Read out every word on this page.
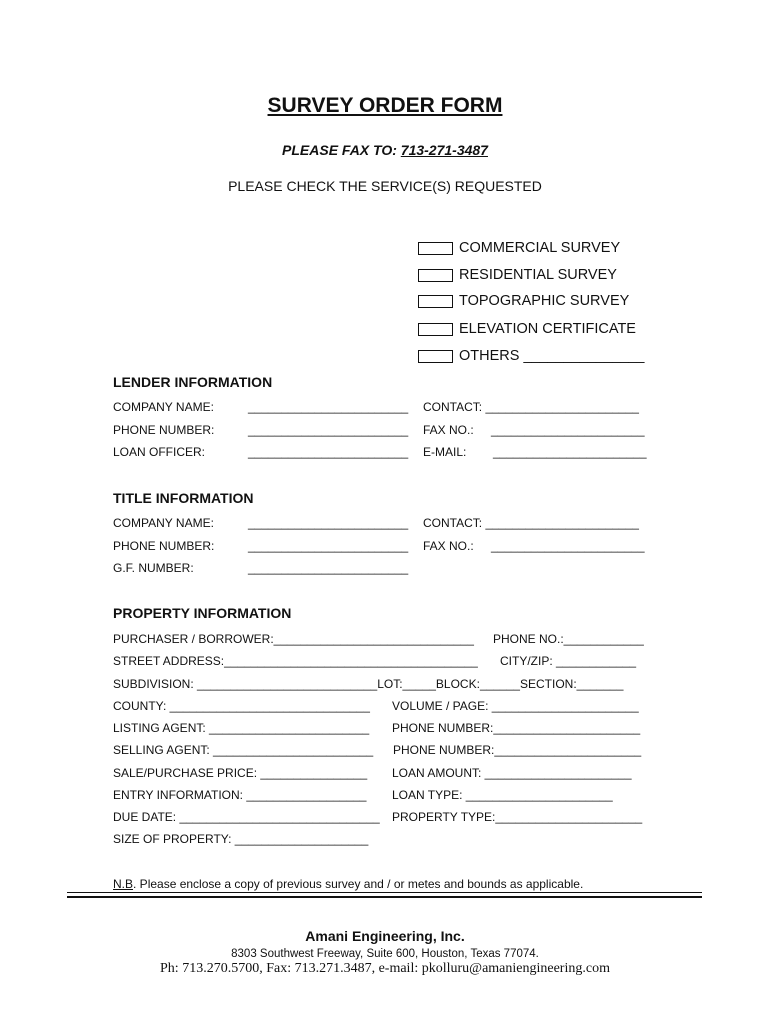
SURVEY ORDER FORM
PLEASE FAX TO: 713-271-3487
PLEASE CHECK THE SERVICE(S) REQUESTED
COMMERCIAL SURVEY
RESIDENTIAL SURVEY
TOPOGRAPHIC SURVEY
ELEVATION CERTIFICATE
OTHERS _______________
LENDER INFORMATION
COMPANY NAME:	________________________ CONTACT: _______________________
PHONE NUMBER:	________________________ FAX NO.: _______________________
LOAN OFFICER:	________________________ E-MAIL: _______________________
TITLE INFORMATION
COMPANY NAME:	________________________ CONTACT: _______________________
PHONE NUMBER:	________________________ FAX NO.: _______________________
G.F. NUMBER:	________________________
PROPERTY INFORMATION
PURCHASER / BORROWER:______________________________ PHONE NO.:____________
STREET ADDRESS:______________________________________ CITY/ZIP: ____________
SUBDIVISION: ___________________________LOT:_____BLOCK:______SECTION:_______
COUNTY: ______________________________ VOLUME / PAGE: ______________________
LISTING AGENT: ________________________ PHONE NUMBER:______________________
SELLING AGENT: ________________________ PHONE NUMBER:______________________
SALE/PURCHASE PRICE: ________________ LOAN AMOUNT: ______________________
ENTRY INFORMATION: __________________ LOAN TYPE: ______________________
DUE DATE: ______________________________ PROPERTY TYPE:______________________
SIZE OF PROPERTY: ____________________
N.B. Please enclose a copy of previous survey and / or metes and bounds as applicable.
Amani Engineering, Inc.
8303 Southwest Freeway, Suite 600, Houston, Texas 77074.
Ph: 713.270.5700, Fax: 713.271.3487, e-mail: pkolluru@amaniengineering.com
